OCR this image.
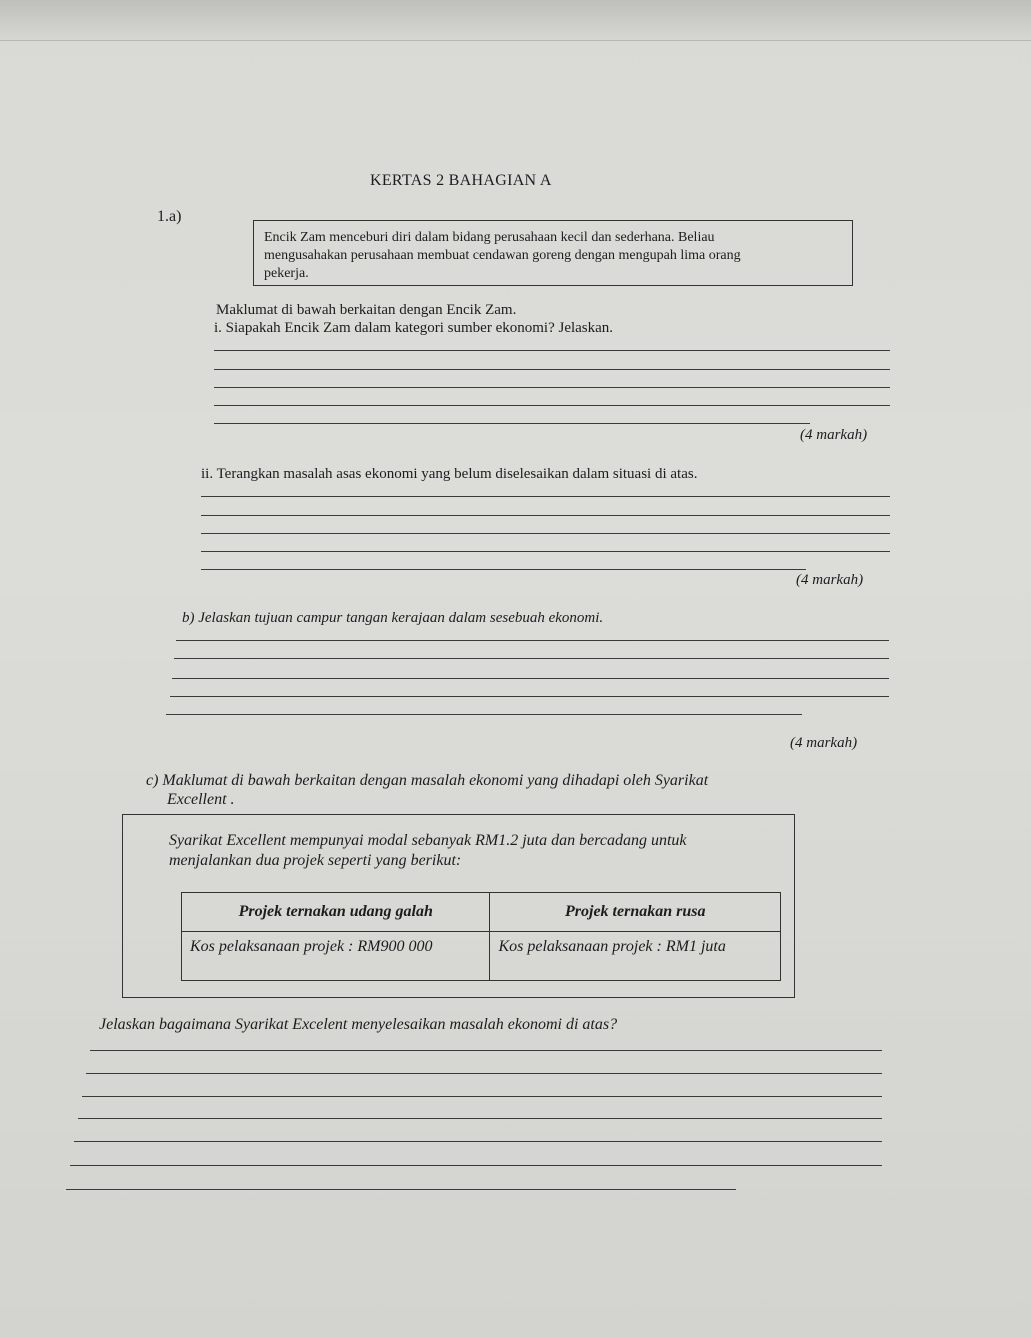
KERTAS 2 BAHAGIAN A
1.a)
Encik Zam menceburi diri dalam bidang perusahaan kecil dan sederhana. Beliau
mengusahakan perusahaan membuat cendawan goreng dengan mengupah lima orang
pekerja.
Maklumat di bawah berkaitan dengan Encik Zam.
i. Siapakah Encik Zam dalam kategori sumber ekonomi? Jelaskan.
(4 markah)
ii. Terangkan masalah asas ekonomi yang belum diselesaikan dalam situasi di atas.
(4 markah)
b) Jelaskan tujuan campur tangan kerajaan dalam sesebuah ekonomi.
(4 markah)
c) Maklumat di bawah berkaitan dengan masalah ekonomi yang dihadapi oleh Syarikat
Excellent .
Syarikat Excellent mempunyai modal sebanyak RM1.2 juta dan bercadang untuk
menjalankan dua projek seperti yang berikut:
Projek ternakan udang galah	Projek ternakan rusa
Kos pelaksanaan projek : RM900 000	Kos pelaksanaan projek : RM1 juta
Jelaskan bagaimana Syarikat Excelent menyelesaikan masalah ekonomi di atas?
